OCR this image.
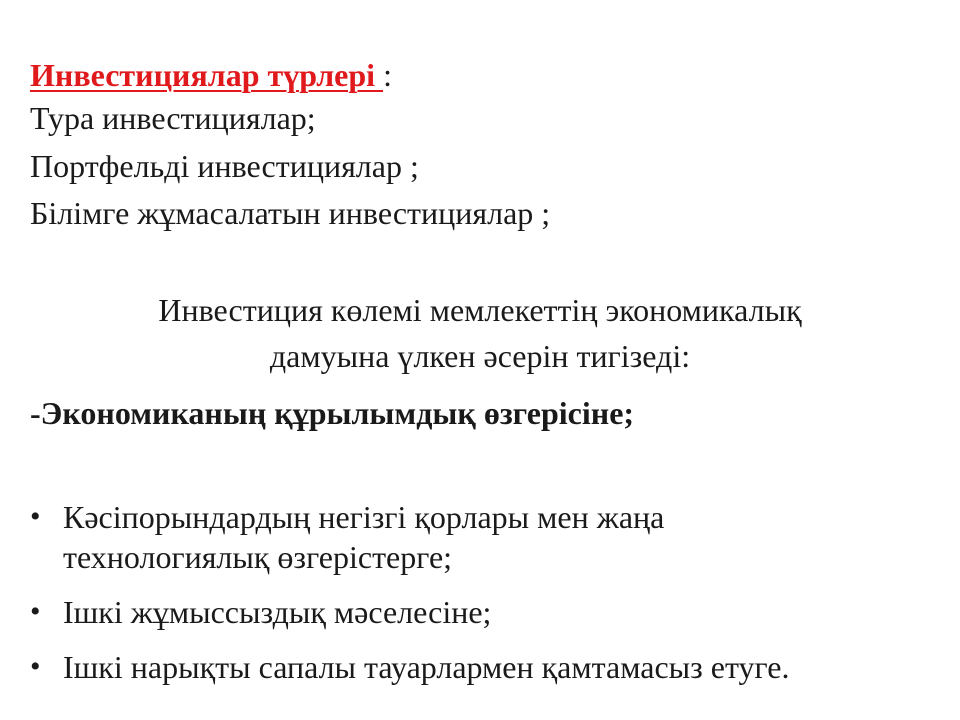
Инвестициялар түрлері :
Тура инвестициялар;
Портфельді инвестициялар ;
Білімге жұмасалатын инвестициялар ;
Инвестиция көлемі мемлекеттің экономикалық
дамуына үлкен әсерін тигізеді:
-Экономиканың құрылымдық өзгерісіне;
• Кәсіпорындардың негізгі қорлары мен жаңа
технологиялық өзгерістерге;
• Ішкі жұмыссыздық мәселесіне;
• Ішкі нарықты сапалы тауарлармен қамтамасыз етуге.
